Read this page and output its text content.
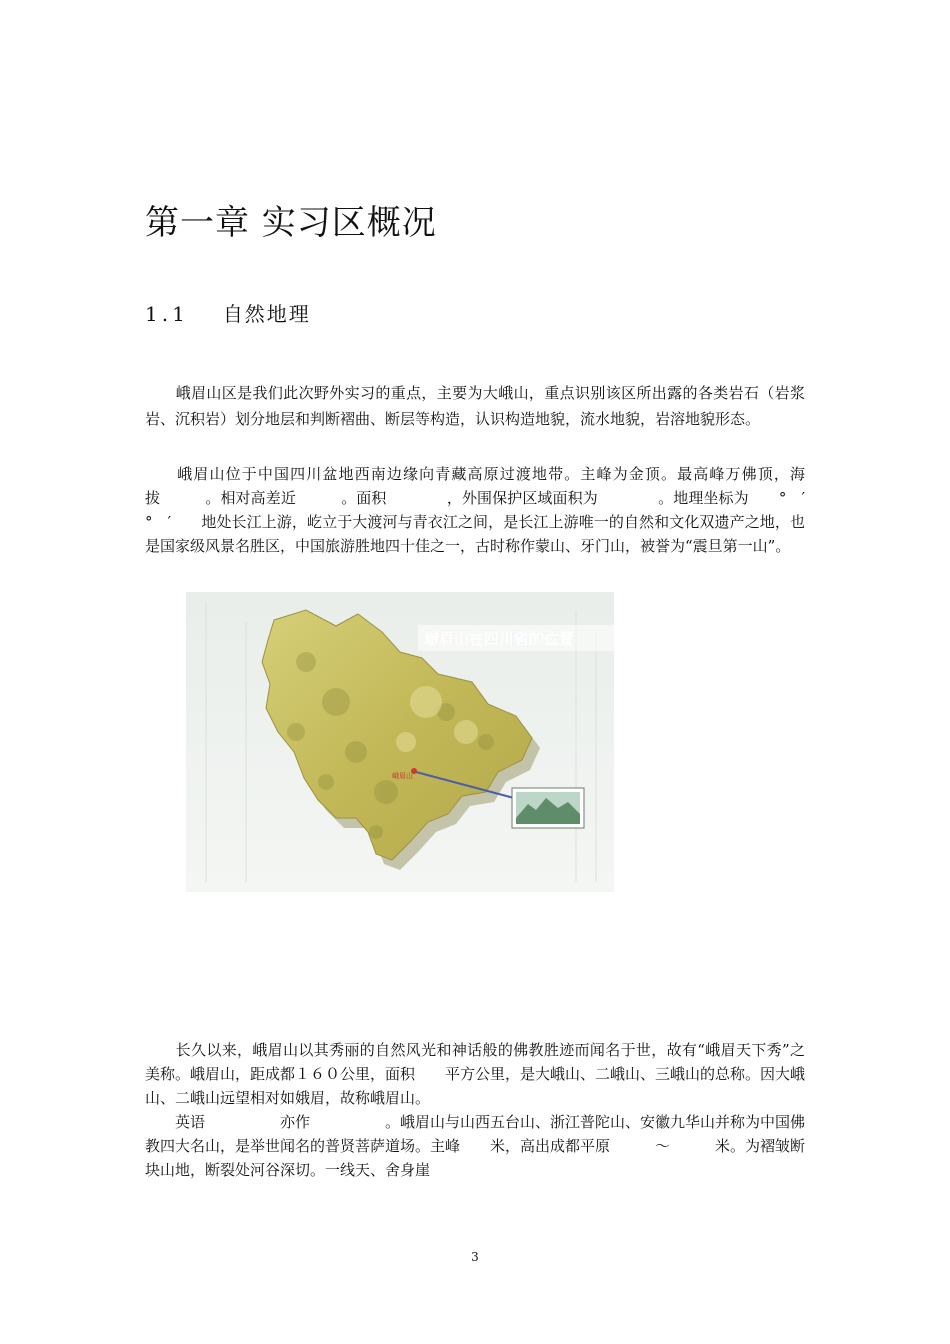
第一章 实习区概况
1.1 自然地理

　　峨眉山区是我们此次野外实习的重点，主要为大峨山，重点识别该区所出露的各类岩石（岩浆岩、沉积岩）划分地层和判断褶曲、断层等构造，认识构造地貌，流水地貌，岩溶地貌形态。

　　峨眉山位于中国四川盆地西南边缘向青藏高原过渡地带。主峰为金顶。最高峰万佛顶，海拔　　　。相对高差近　　　。面积　　　　，外围保护区域面积为　　　　。地理坐标为　　°　′　　　°　′　　地处长江上游，屹立于大渡河与青衣江之间，是长江上游唯一的自然和文化双遗产之地，也是国家级风景名胜区，中国旅游胜地四十佳之一，古时称作蒙山、牙门山，被誉为“震旦第一山”。

峨眉山
峨眉山在四川省的位置

　　长久以来，峨眉山以其秀丽的自然风光和神话般的佛教胜迹而闻名于世，故有“峨眉天下秀”之美称。峨眉山，距成都１６０公里，面积　　平方公里，是大峨山、二峨山、三峨山的总称。因大峨山、二峨山远望相对如娥眉，故称峨眉山。

　　英语　　　　　亦作　　　　　。峨眉山与山西五台山、浙江普陀山、安徽九华山并称为中国佛教四大名山，是举世闻名的普贤菩萨道场。主峰　　米，高出成都平原　　　～　　　米。为褶皱断块山地，断裂处河谷深切。一线天、舍身崖

3
